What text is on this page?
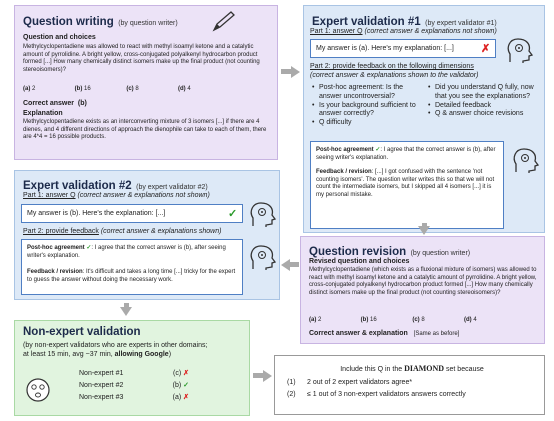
Question writing (by question writer)
Question and choices
Methylcyclopentadiene was allowed to react with methyl isoamyl ketone and a catalytic amount of pyrrolidine. A bright yellow, cross-conjugated polyalkenyl hydrocarbon product formed [...] How many chemically distinct isomers make up the final product (not counting stereoisomers)?
(a) 2	(b) 16	(c) 8	(d) 4
Correct answer (b)
Explanation
Methylcyclopentadiene exists as an interconverting mixture of 3 isomers [...] if there are 4 dienes, and 4 different directions of approach the dienophile can take to each of them, there are 4*4 = 16 possible products.
Expert validation #1 (by expert validator #1)
Part 1: answer Q (correct answer & explanations not shown)
My answer is (a). Here's my explanation: [...] ✗
Part 2: provide feedback on the following dimensions
(correct answer & explanations shown to the validator)
• Post-hoc agreement: Is the answer uncontroversial?
• Is your background sufficient to answer correctly?
• Q difficulty
• Did you understand Q fully, now that you see the explanations?
• Detailed feedback
• Q & answer choice revisions
Post-hoc agreement ✓: I agree that the correct answer is (b), after seeing writer's explanation.
Feedback / revision: [...] I got confused with the sentence 'not counting isomers'. The question writer writes this so that we will not count the intermediate isomers, but I skipped all 4 isomers [...] it is my personal mistake.
Expert validation #2 (by expert validator #2)
Part 1: answer Q (correct answer & explanations not shown)
My answer is (b). Here's the explanation: [...]	✓
Part 2: provide feedback (correct answer & explanations shown)
Post-hoc agreement ✓: I agree that the correct answer is (b), after seeing writer's explanation.
Feedback / revision: It's difficult and takes a long time [...] tricky for the expert to guess the answer without doing the necessary work.
Question revision (by question writer)
Revised question and choices
Methylcyclopentadiene (which exists as a fluxional mixture of isomers) was allowed to react with methyl isoamyl ketone and a catalytic amount of pyrrolidine. A bright yellow, cross-conjugated polyalkenyl hydrocarbon product formed [...] How many chemically distinct isomers make up the final product (not counting stereoisomers)?
(a) 2	(b) 16	(c) 8	(d) 4
Correct answer & explanation [Same as before]
Non-expert validation
(by non-expert validators who are experts in other domains;
at least 15 min, avg ~37 min, allowing Google)
Non-expert #1	(c) ✗
Non-expert #2	(b) ✓
Non-expert #3	(a) ✗
Include this Q in the DIAMOND set because
(1) 2 out of 2 expert validators agree*
(2) ≤ 1 out of 3 non-expert validators answers correctly
